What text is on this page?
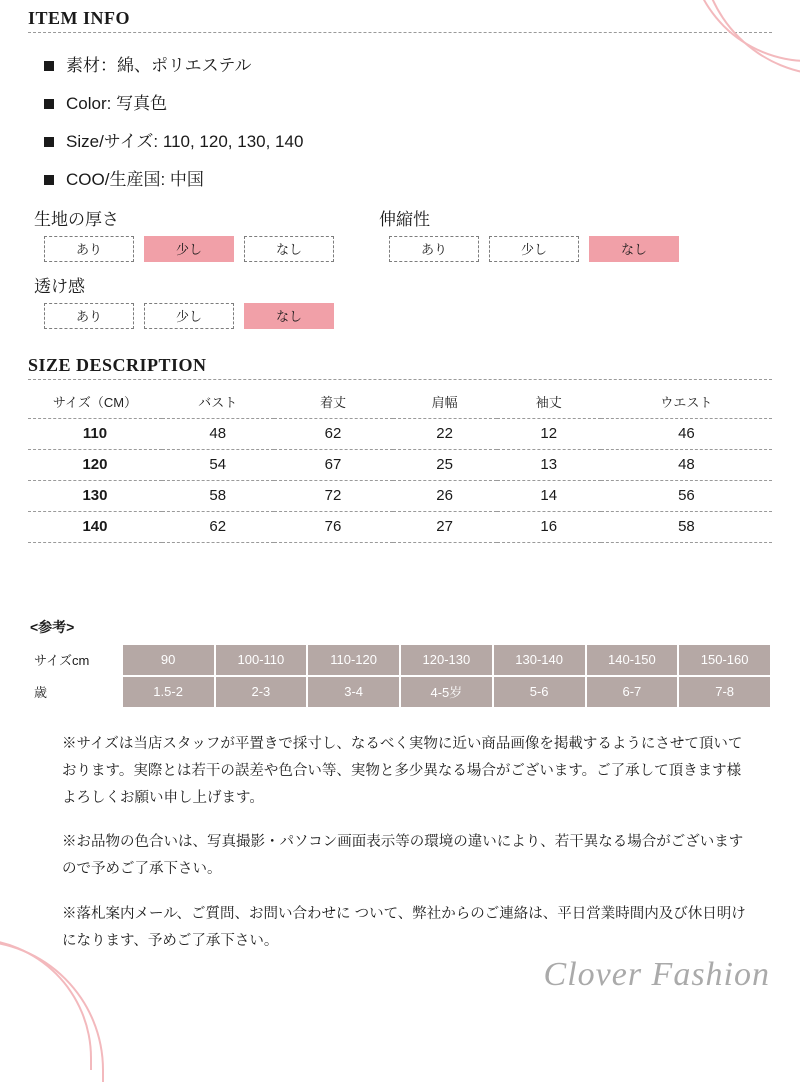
ITEM INFO
素材：綿、ポリエステル
Color: 写真色
Size/サイズ: 110, 120, 130, 140
COO/生産国: 中国
生地の厚さ
あり	少し	なし
伸縮性
あり	少し	なし
透け感
あり	少し	なし
SIZE DESCRIPTION
サイズ（CM）	バスト	着丈	肩幅	袖丈	ウエスト
110	48	62	22	12	46
120	54	67	25	13	48
130	58	72	26	14	56
140	62	76	27	16	58
<参考>
サイズcm	90	100-110	110-120	120-130	130-140	140-150	150-160
歳	1.5-2	2-3	3-4	4-5岁	5-6	6-7	7-8

※サイズは当店スタッフが平置きで採寸し、なるべく実物に近い商品画像を掲載するようにさせて頂いております。実際とは若干の誤差や色合い等、実物と多少異なる場合がございます。ご了承して頂きます様よろしくお願い申し上げます。

※お品物の色合いは、写真撮影・パソコン画面表示等の環境の違いにより、若干異なる場合がございますので予めご了承下さい。

※落札案内メール、ご質問、お問い合わせに ついて、弊社からのご連絡は、平日営業時間内及び休日明けになります、予めご了承下さい。

Clover Fashion
